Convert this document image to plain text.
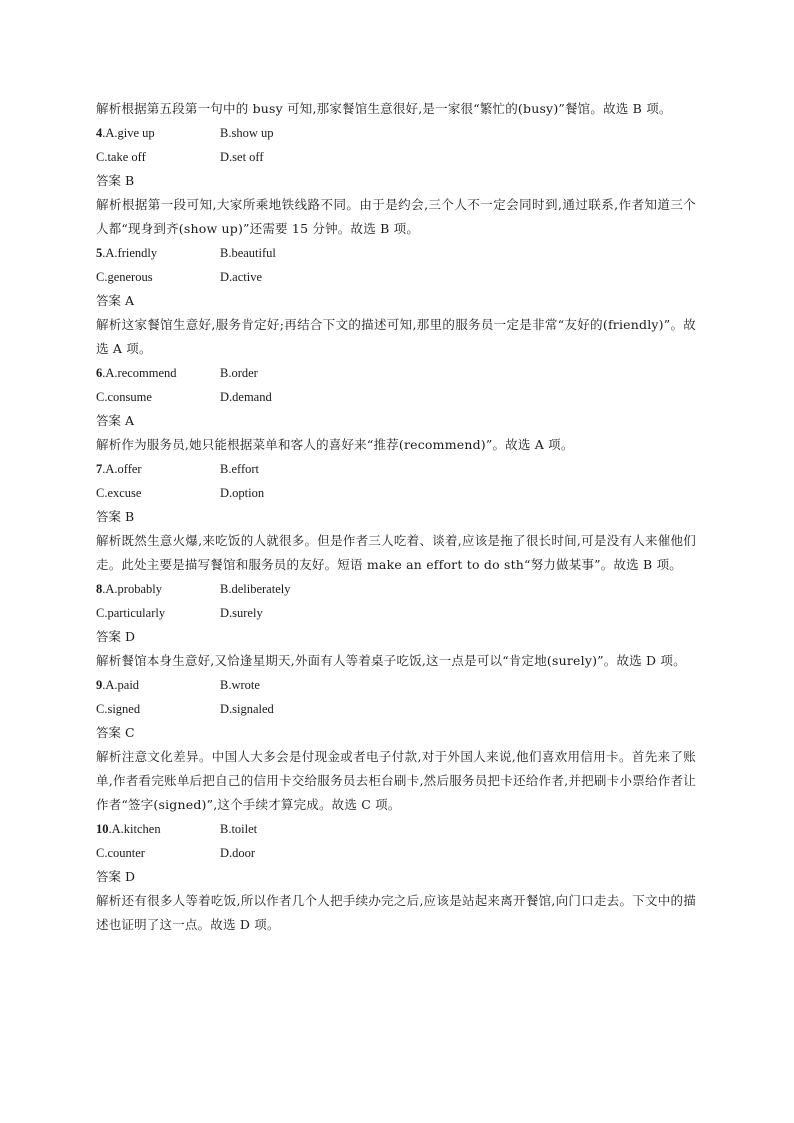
解析根据第五段第一句中的 busy 可知,那家餐馆生意很好,是一家很“繁忙的(busy)”餐馆。故选 B 项。
4.A.give up	B.show up
C.take off	D.set off
答案 B
解析根据第一段可知,大家所乘地铁线路不同。由于是约会,三个人不一定会同时到,通过联系,作者知道三个人都“现身到齐(show up)”还需要 15 分钟。故选 B 项。
5.A.friendly	B.beautiful
C.generous	D.active
答案 A
解析这家餐馆生意好,服务肯定好;再结合下文的描述可知,那里的服务员一定是非常“友好的(friendly)”。故选 A 项。
6.A.recommend	B.order
C.consume	D.demand
答案 A
解析作为服务员,她只能根据菜单和客人的喜好来“推荐(recommend)”。故选 A 项。
7.A.offer	B.effort
C.excuse	D.option
答案 B
解析既然生意火爆,来吃饭的人就很多。但是作者三人吃着、谈着,应该是拖了很长时间,可是没有人来催他们走。此处主要是描写餐馆和服务员的友好。短语 make an effort to do sth“努力做某事”。故选 B 项。
8.A.probably	B.deliberately
C.particularly	D.surely
答案 D
解析餐馆本身生意好,又恰逢星期天,外面有人等着桌子吃饭,这一点是可以“肯定地(surely)”。故选 D 项。
9.A.paid	B.wrote
C.signed	D.signaled
答案 C
解析注意文化差异。中国人大多会是付现金或者电子付款,对于外国人来说,他们喜欢用信用卡。首先来了账单,作者看完账单后把自己的信用卡交给服务员去柜台刷卡,然后服务员把卡还给作者,并把刷卡小票给作者让作者“签字(signed)”,这个手续才算完成。故选 C 项。
10.A.kitchen	B.toilet
C.counter	D.door
答案 D
解析还有很多人等着吃饭,所以作者几个人把手续办完之后,应该是站起来离开餐馆,向门口走去。下文中的描述也证明了这一点。故选 D 项。
